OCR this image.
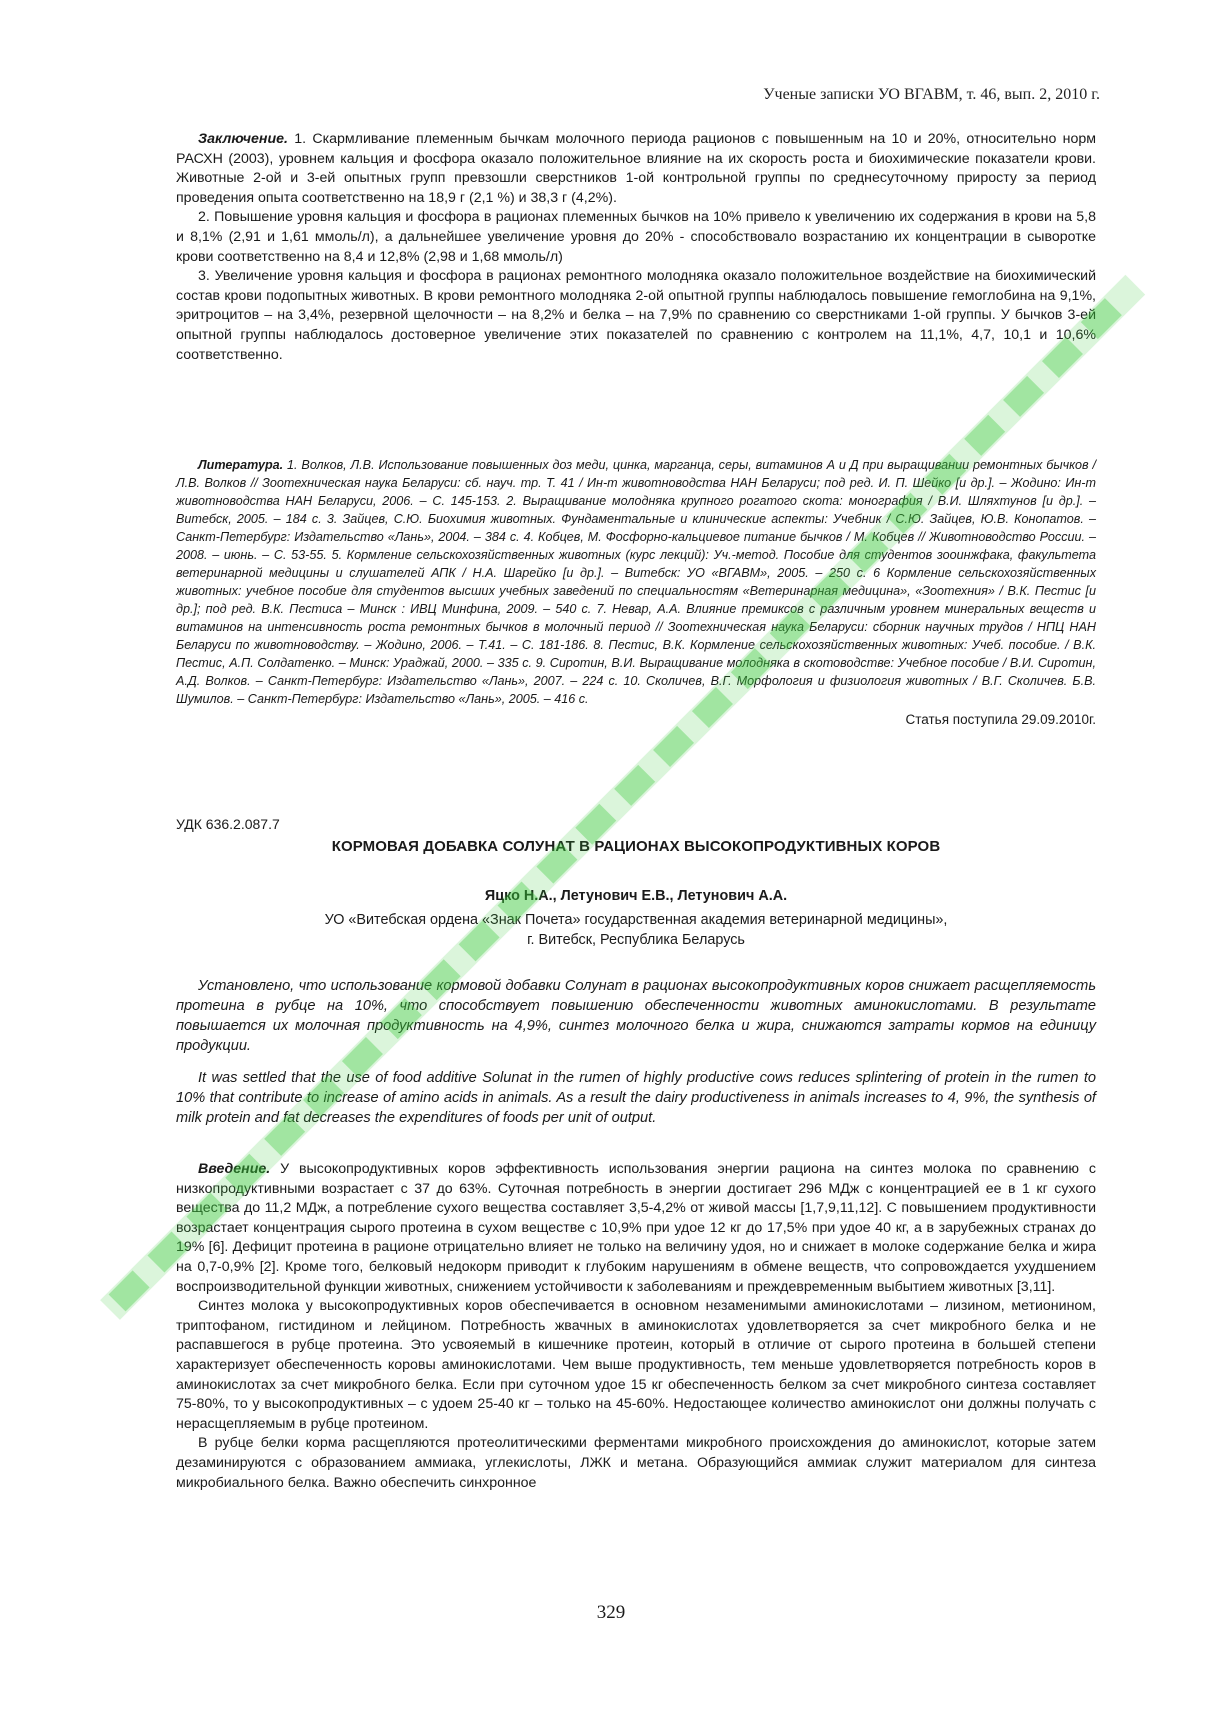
Ученые записки УО ВГАВМ, т. 46, вып. 2, 2010 г.

Заключение. 1. Скармливание племенным бычкам молочного периода рационов с повышенным на 10 и 20%, относительно норм РАСХН (2003), уровнем кальция и фосфора оказало положительное влияние на их скорость роста и биохимические показатели крови. Животные 2-ой и 3-ей опытных групп превзошли сверстников 1-ой контрольной группы по среднесуточному приросту за период проведения опыта соответственно на 18,9 г (2,1 %) и 38,3 г (4,2%).

2. Повышение уровня кальция и фосфора в рационах племенных бычков на 10% привело к увеличению их содержания в крови на 5,8 и 8,1% (2,91 и 1,61 ммоль/л), а дальнейшее увеличение уровня до 20% - способствовало возрастанию их концентрации в сыворотке крови соответственно на 8,4 и 12,8% (2,98 и 1,68 ммоль/л)

3. Увеличение уровня кальция и фосфора в рационах ремонтного молодняка оказало положительное воздействие на биохимический состав крови подопытных животных. В крови ремонтного молодняка 2-ой опытной группы наблюдалось повышение гемоглобина на 9,1%, эритроцитов – на 3,4%, резервной щелочности – на 8,2% и белка – на 7,9% по сравнению со сверстниками 1-ой группы. У бычков 3-ей опытной группы наблюдалось достоверное увеличение этих показателей по сравнению с контролем на 11,1%, 4,7, 10,1 и 10,6% соответственно.

Литература. 1. Волков, Л.В. Использование повышенных доз меди, цинка, марганца, серы, витаминов А и Д при выращивании ремонтных бычков / Л.В. Волков // Зоотехническая наука Беларуси: сб. науч. тр. Т. 41 / Ин-т животноводства НАН Беларуси; под ред. И. П. Шейко [и др.]. – Жодино: Ин-т животноводства НАН Беларуси, 2006. – С. 145-153. 2. Выращивание молодняка крупного рогатого скота: монография / В.И. Шляхтунов [и др.]. – Витебск, 2005. – 184 с. 3. Зайцев, С.Ю. Биохимия животных. Фундаментальные и клинические аспекты: Учебник / С.Ю. Зайцев, Ю.В. Конопатов. – Санкт-Петербург: Издательство «Лань», 2004. – 384 с. 4. Кобцев, М. Фосфорно-кальциевое питание бычков / М. Кобцев // Животноводство России. – 2008. – июнь. – С. 53-55. 5. Кормление сельскохозяйственных животных (курс лекций): Уч.-метод. Пособие для студентов зооинжфака, факультета ветеринарной медицины и слушателей АПК / Н.А. Шарейко [и др.]. – Витебск: УО «ВГАВМ», 2005. – 250 с. 6 Кормление сельскохозяйственных животных: учебное пособие для студентов высших учебных заведений по специальностям «Ветеринарная медицина», «Зоотехния» / В.К. Пестис [и др.]; под ред. В.К. Пестиса – Минск : ИВЦ Минфина, 2009. – 540 с. 7. Невар, А.А. Влияние премиксов с различным уровнем минеральных веществ и витаминов на интенсивность роста ремонтных бычков в молочный период // Зоотехническая наука Беларуси: сборник научных трудов / НПЦ НАН Беларуси по животноводству. – Жодино, 2006. – Т.41. – С. 181-186. 8. Пестис, В.К. Кормление сельскохозяйственных животных: Учеб. пособие. / В.К. Пестис, А.П. Солдатенко. – Минск: Ураджай, 2000. – 335 с. 9. Сиротин, В.И. Выращивание молодняка в скотоводстве: Учебное пособие / В.И. Сиротин, А.Д. Волков. – Санкт-Петербург: Издательство «Лань», 2007. – 224 с. 10. Сколичев, В.Г. Морфология и физиология животных / В.Г. Сколичев. Б.В. Шумилов. – Санкт-Петербург: Издательство «Лань», 2005. – 416 с.

Статья поступила 29.09.2010г.
УДК 636.2.087.7
КОРМОВАЯ ДОБАВКА СОЛУНАТ В РАЦИОНАХ ВЫСОКОПРОДУКТИВНЫХ КОРОВ
Яцко Н.А., Летунович Е.В., Летунович А.А.
УО «Витебская ордена «Знак Почета» государственная академия ветеринарной медицины»,
г. Витебск, Республика Беларусь

Установлено, что использование кормовой добавки Солунат в рационах высокопродуктивных коров снижает расщепляемость протеина в рубце на 10%, что способствует повышению обеспеченности животных аминокислотами. В результате повышается их молочная продуктивность на 4,9%, синтез молочного белка и жира, снижаются затраты кормов на единицу продукции.

It was settled that the use of food additive Solunat in the rumen of highly productive cows reduces splintering of protein in the rumen to 10% that contribute to increase of amino acids in animals. As a result the dairy productiveness in animals increases to 4, 9%, the synthesis of milk protein and fat decreases the expenditures of foods per unit of output.

Введение. У высокопродуктивных коров эффективность использования энергии рациона на синтез молока по сравнению с низкопродуктивными возрастает с 37 до 63%. Суточная потребность в энергии достигает 296 МДж с концентрацией ее в 1 кг сухого вещества до 11,2 МДж, а потребление сухого вещества составляет 3,5-4,2% от живой массы [1,7,9,11,12]. С повышением продуктивности возрастает концентрация сырого протеина в сухом веществе с 10,9% при удое 12 кг до 17,5% при удое 40 кг, а в зарубежных странах до 19% [6]. Дефицит протеина в рационе отрицательно влияет не только на величину удоя, но и снижает в молоке содержание белка и жира на 0,7-0,9% [2]. Кроме того, белковый недокорм приводит к глубоким нарушениям в обмене веществ, что сопровождается ухудшением воспроизводительной функции животных, снижением устойчивости к заболеваниям и преждевременным выбытием животных [3,11].

Синтез молока у высокопродуктивных коров обеспечивается в основном незаменимыми аминокислотами – лизином, метионином, триптофаном, гистидином и лейцином. Потребность жвачных в аминокислотах удовлетворяется за счет микробного белка и не распавшегося в рубце протеина. Это усвояемый в кишечнике протеин, который в отличие от сырого протеина в большей степени характеризует обеспеченность коровы аминокислотами. Чем выше продуктивность, тем меньше удовлетворяется потребность коров в аминокислотах за счет микробного белка. Если при суточном удое 15 кг обеспеченность белком за счет микробного синтеза составляет 75-80%, то у высокопродуктивных – с удоем 25-40 кг – только на 45-60%. Недостающее количество аминокислот они должны получать с нерасщепляемым в рубце протеином.

В рубце белки корма расщепляются протеолитическими ферментами микробного происхождения до аминокислот, которые затем дезаминируются с образованием аммиака, углекислоты, ЛЖК и метана. Образующийся аммиак служит материалом для синтеза микробиального белка. Важно обеспечить синхронное

329
